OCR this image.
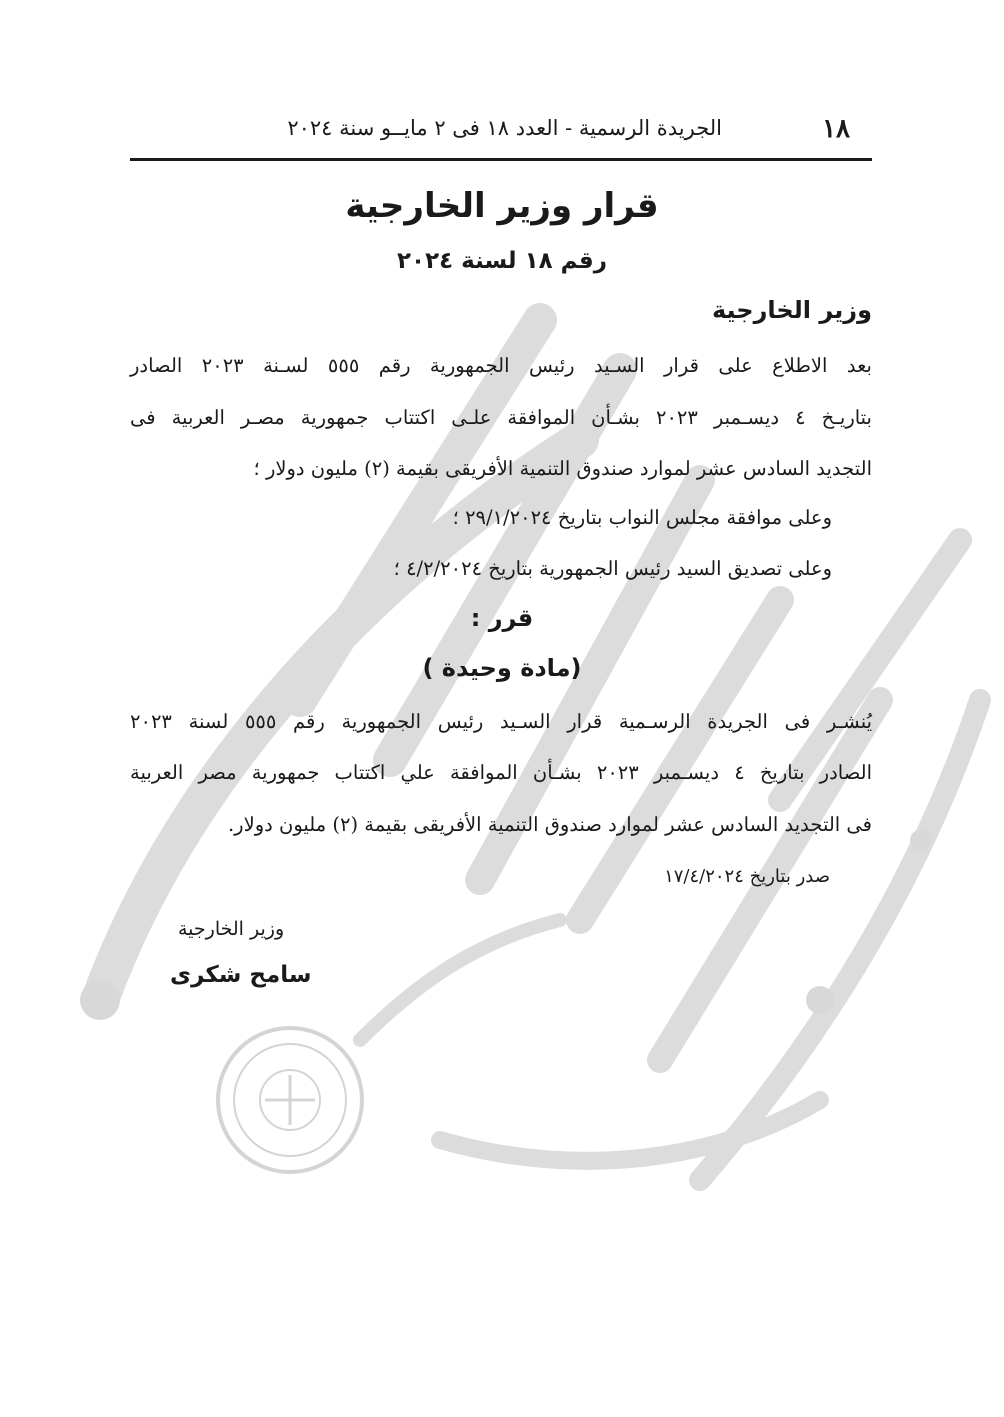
١٨
الجريدة الرسمية - العدد ١٨ فى ٢ مايــو سنة ٢٠٢٤
قرار وزير الخارجية
رقم ١٨ لسنة ٢٠٢٤
وزير الخارجية
بعد الاطلاع على قرار السـيد رئيس الجمهورية رقم ٥٥٥ لسـنة ٢٠٢٣ الصادر
بتاريـخ ٤ ديسـمبر ٢٠٢٣ بشـأن الموافقة علـى اكتتاب جمهورية مصـر العربية فى
التجديد السادس عشر لموارد صندوق التنمية الأفريقى بقيمة (٢) مليون دولار ؛
وعلى موافقة مجلس النواب بتاريخ ٢٩/١/٢٠٢٤ ؛
وعلى تصديق السيد رئيس الجمهورية بتاريخ ٤/٢/٢٠٢٤ ؛
قرر :
(مادة وحيدة )
يُنشـر فى الجريدة الرسـمية قرار السـيد رئيس الجمهورية رقم ٥٥٥ لسنة ٢٠٢٣
الصادر بتاريخ ٤ ديسـمبر ٢٠٢٣ بشـأن الموافقة علي اكتتاب جمهورية مصر العربية
فى التجديد السادس عشر لموارد صندوق التنمية الأفريقى بقيمة (٢) مليون دولار.
صدر بتاريخ ١٧/٤/٢٠٢٤
وزير الخارجية
سامح شكرى
